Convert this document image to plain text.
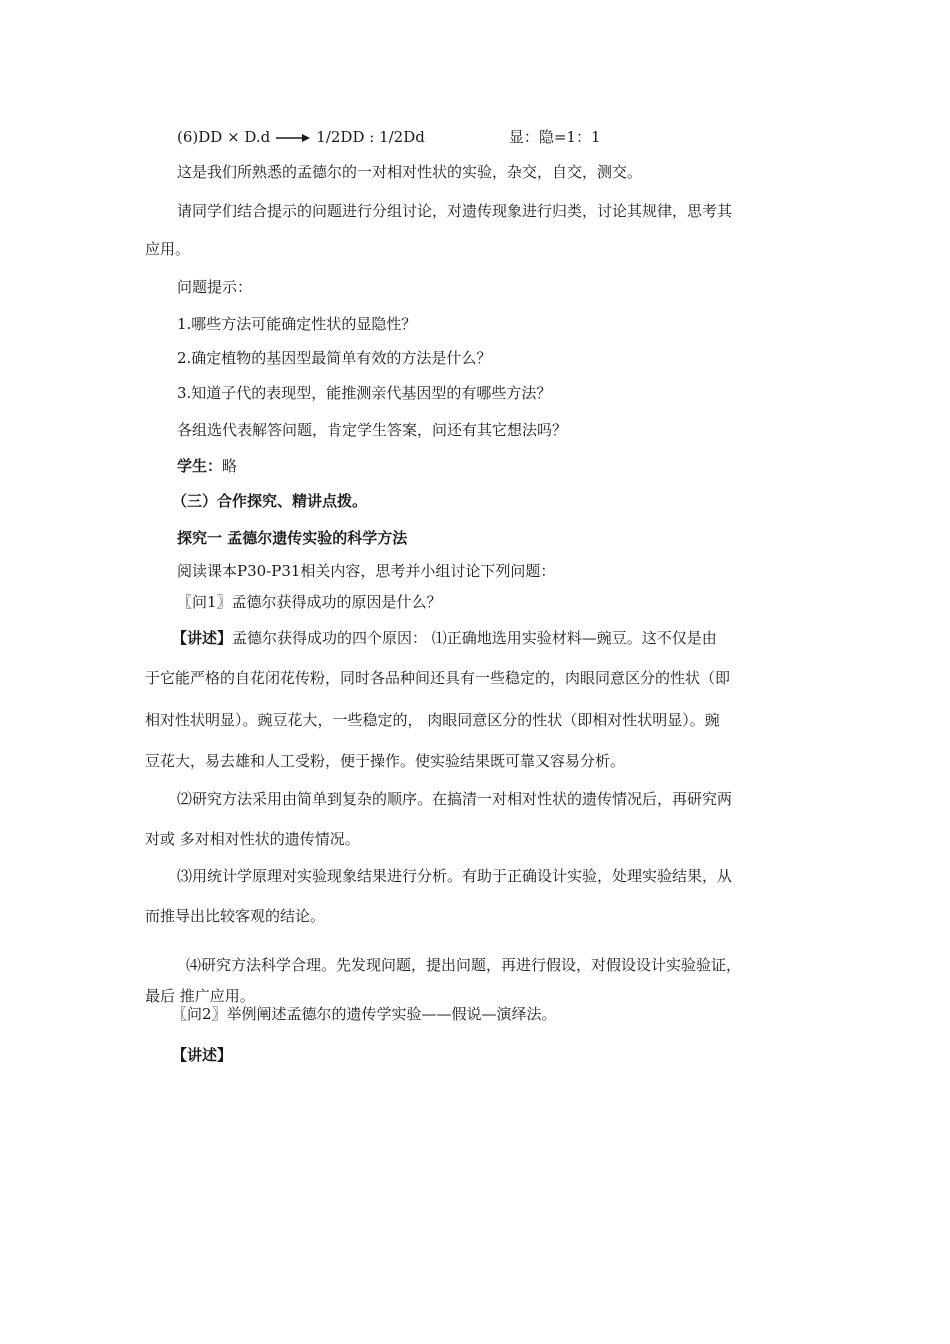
(6)DD × D.d	1/2DD : 1/2Dd	显：隐=1：1
这是我们所熟悉的孟德尔的一对相对性状的实验，杂交，自交，测交。
请同学们结合提示的问题进行分组讨论，对遗传现象进行归类，讨论其规律，思考其
应用。
问题提示：
1.哪些方法可能确定性状的显隐性？
2.确定植物的基因型最简单有效的方法是什么？
3.知道子代的表现型，能推测亲代基因型的有哪些方法？
各组选代表解答问题，肯定学生答案，问还有其它想法吗？
学生：略
（三）合作探究、精讲点拨。
探究一 孟德尔遗传实验的科学方法
阅读课本P30-P31相关内容，思考并小组讨论下列问题：
〖问1〗孟德尔获得成功的原因是什么？
【讲述】孟德尔获得成功的四个原因： ⑴正确地选用实验材料—豌豆。这不仅是由
于它能严格的自花闭花传粉，同时各品种间还具有一些稳定的，肉眼同意区分的性状（即
相对性状明显）。豌豆花大，一些稳定的， 肉眼同意区分的性状（即相对性状明显）。豌
豆花大，易去雄和人工受粉，便于操作。使实验结果既可靠又容易分析。
⑵研究方法采用由简单到复杂的顺序。在搞清一对相对性状的遗传情况后，再研究两
对或 多对相对性状的遗传情况。
⑶用统计学原理对实验现象结果进行分析。有助于正确设计实验，处理实验结果，从
而推导出比较客观的结论。
⑷研究方法科学合理。先发现问题，提出问题，再进行假设，对假设设计实验验证，
最后 推广应用。
〖问2〗举例阐述孟德尔的遗传学实验——假说—演绎法。
【讲述】
